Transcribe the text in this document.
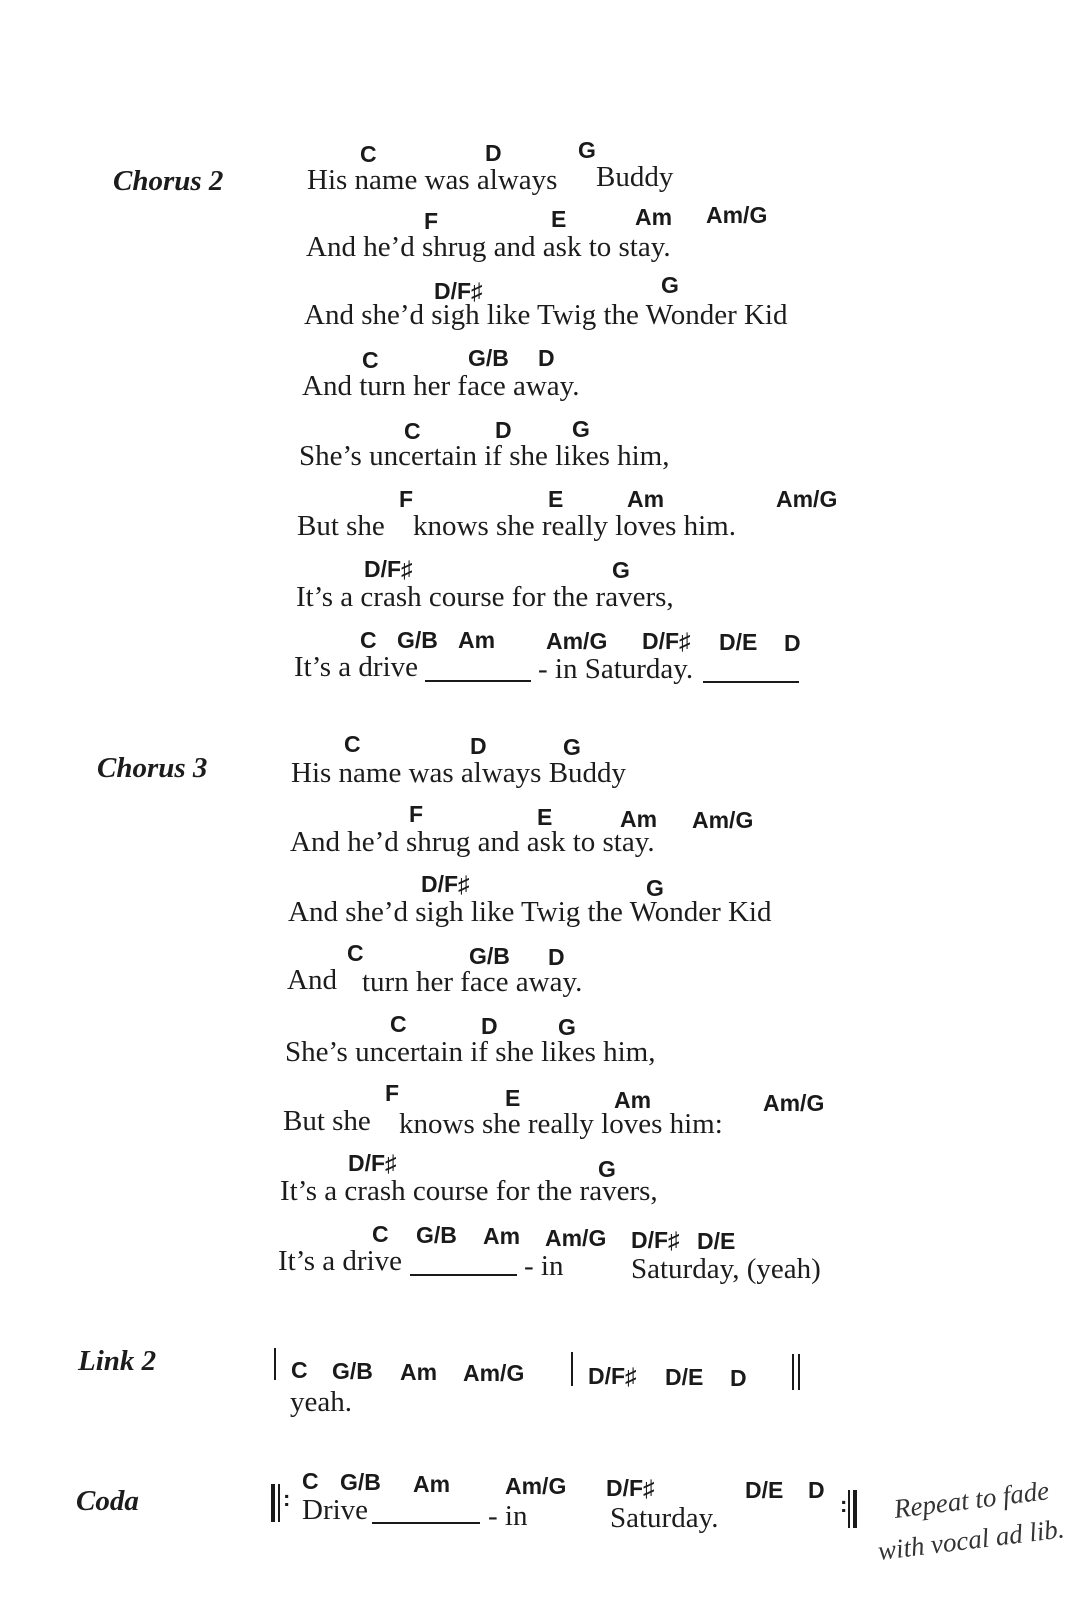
Chorus 2
C	D	G
His name was always Buddy
F	E	Am Am/G
And he’d shrug and ask to stay.
D/F♯	G
And she’d sigh like Twig the Wonder Kid
C	G/B D
And turn her face away.
C	D	G
She’s uncertain if she likes him,
F	E	Am	Am/G
But she knows she really loves him.
D/F♯	G
It’s a crash course for the ravers,
C G/B Am Am/G D/F♯ D/E D
It’s a drive	- in Saturday.
Chorus 3
C	D	G
His name was always Buddy
F	E	Am Am/G
And he’d shrug and ask to stay.
D/F♯	G
And she’d sigh like Twig the Wonder Kid
C	G/B D
And turn her face away.
C	D	G
She’s uncertain if she likes him,
F	E	Am	Am/G
But she knows she really loves him:
D/F♯	G
It’s a crash course for the ravers,
C G/B Am Am/G D/F♯ D/E
It’s a drive	- in Saturday, (yeah)
Link 2	C G/B Am Am/G	D/F♯ D/E D
yeah.
Coda	:
C G/B Am Am/G D/F♯	D/E D
Drive	- in	Saturday.	: Repeat to fade
with vocal ad lib.
